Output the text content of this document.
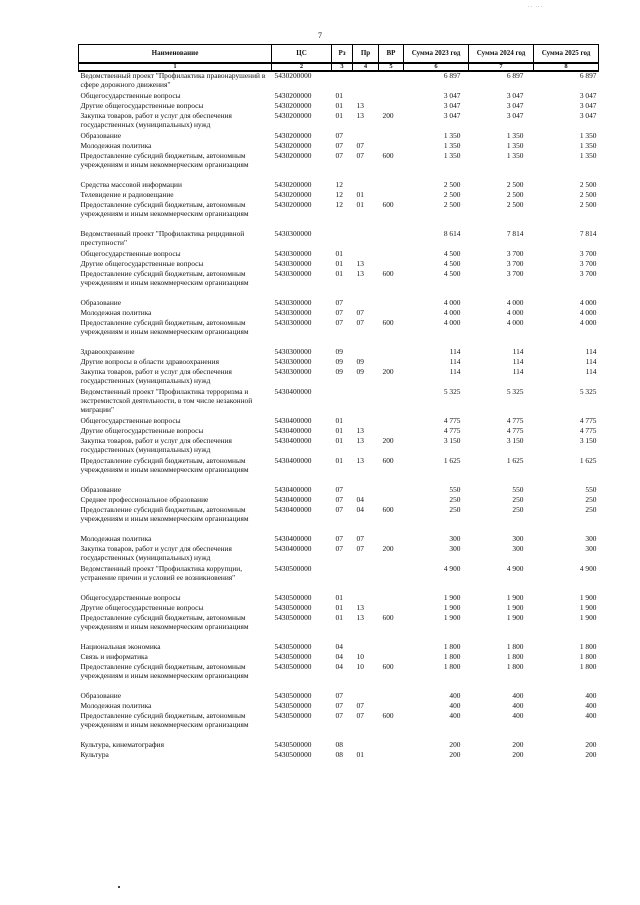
.. ...
7
Наименование	ЦС	Рз	Пр	ВР	Сумма 2023 год	Сумма 2024 год	Сумма 2025 год
1	2	3	4	5	6	7	8
Ведомственный проект "Профилактика правонарушений в сфере дорожного движения"	5430200000				6 897	6 897	6 897
Общегосударственные вопросы	5430200000	01			3 047	3 047	3 047
Другие общегосударственные вопросы	5430200000	01	13		3 047	3 047	3 047
Закупка товаров, работ и услуг для обеспечения государственных (муниципальных) нужд	5430200000	01	13	200	3 047	3 047	3 047
Образование	5430200000	07			1 350	1 350	1 350
Молодежная политика	5430200000	07	07		1 350	1 350	1 350
Предоставление субсидий бюджетным, автономным учреждениям и иным некоммерческим организациям	5430200000	07	07	600	1 350	1 350	1 350

Средства массовой информации	5430200000	12			2 500	2 500	2 500
Телевидение и радиовещание	5430200000	12	01		2 500	2 500	2 500
Предоставление субсидий бюджетным, автономным учреждениям и иным некоммерческим организациям	5430200000	12	01	600	2 500	2 500	2 500

Ведомственный проект "Профилактика рецидивной преступности"	5430300000				8 614	7 814	7 814
Общегосударственные вопросы	5430300000	01			4 500	3 700	3 700
Другие общегосударственные вопросы	5430300000	01	13		4 500	3 700	3 700
Предоставление субсидий бюджетным, автономным учреждениям и иным некоммерческим организациям	5430300000	01	13	600	4 500	3 700	3 700

Образование	5430300000	07			4 000	4 000	4 000
Молодежная политика	5430300000	07	07		4 000	4 000	4 000
Предоставление субсидий бюджетным, автономным учреждениям и иным некоммерческим организациям	5430300000	07	07	600	4 000	4 000	4 000

Здравоохранение	5430300000	09			114	114	114
Другие вопросы в области здравоохранения	5430300000	09	09		114	114	114
Закупка товаров, работ и услуг для обеспечения государственных (муниципальных) нужд	5430300000	09	09	200	114	114	114
Ведомственный проект "Профилактика терроризма и экстремистской деятельности, в том числе незаконной миграции"	5430400000				5 325	5 325	5 325
Общегосударственные вопросы	5430400000	01			4 775	4 775	4 775
Другие общегосударственные вопросы	5430400000	01	13		4 775	4 775	4 775
Закупка товаров, работ и услуг для обеспечения государственных (муниципальных) нужд	5430400000	01	13	200	3 150	3 150	3 150
Предоставление субсидий бюджетным, автономным учреждениям и иным некоммерческим организациям	5430400000	01	13	600	1 625	1 625	1 625

Образование	5430400000	07			550	550	550
Среднее профессиональное образование	5430400000	07	04		250	250	250
Предоставление субсидий бюджетным, автономным учреждениям и иным некоммерческим организациям	5430400000	07	04	600	250	250	250

Молодежная политика	5430400000	07	07		300	300	300
Закупка товаров, работ и услуг для обеспечения государственных (муниципальных) нужд	5430400000	07	07	200	300	300	300
Ведомственный проект "Профилактика коррупции, устранение причин и условий ее возникновения"	5430500000				4 900	4 900	4 900

Общегосударственные вопросы	5430500000	01			1 900	1 900	1 900
Другие общегосударственные вопросы	5430500000	01	13		1 900	1 900	1 900
Предоставление субсидий бюджетным, автономным учреждениям и иным некоммерческим организациям	5430500000	01	13	600	1 900	1 900	1 900

Национальная экономика	5430500000	04			1 800	1 800	1 800
Связь и информатика	5430500000	04	10		1 800	1 800	1 800
Предоставление субсидий бюджетным, автономным учреждениям и иным некоммерческим организациям	5430500000	04	10	600	1 800	1 800	1 800

Образование	5430500000	07			400	400	400
Молодежная политика	5430500000	07	07		400	400	400
Предоставление субсидий бюджетным, автономным учреждениям и иным некоммерческим организациям	5430500000	07	07	600	400	400	400

Культура, кинематография	5430500000	08			200	200	200
Культура	5430500000	08	01		200	200	200
